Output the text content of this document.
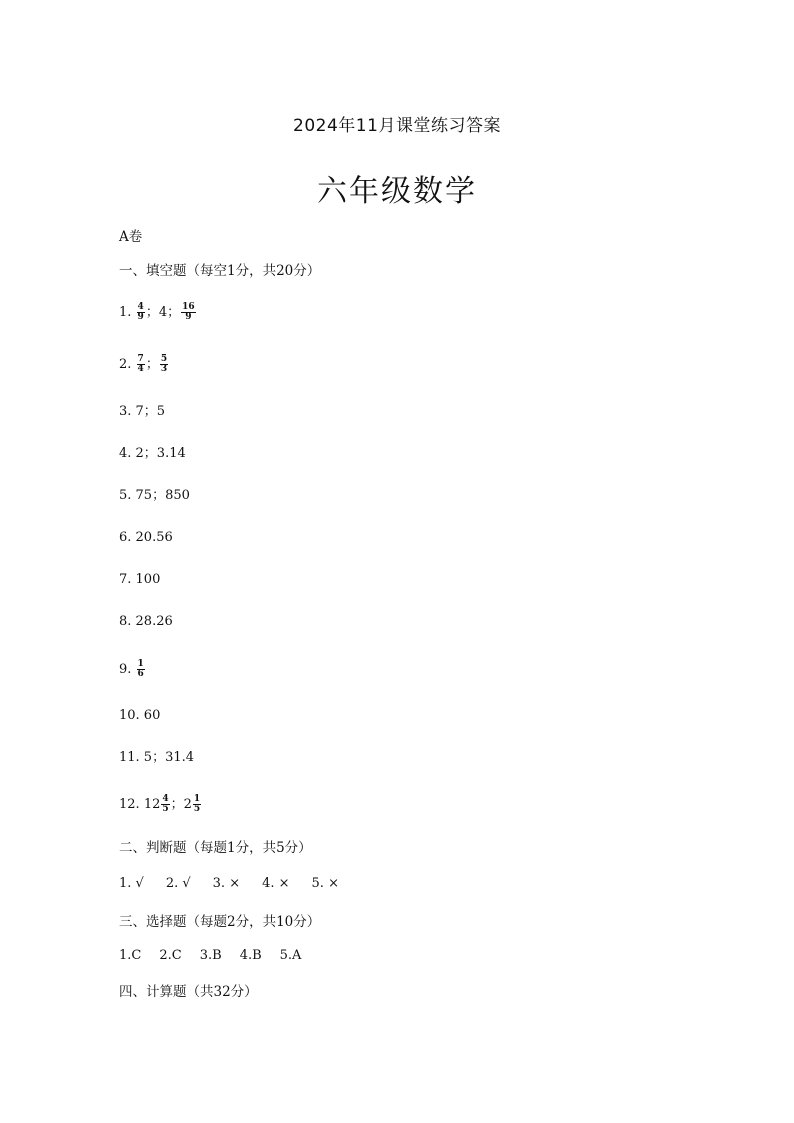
2024年11月课堂练习答案
六年级数学
A卷
一、填空题（每空1分，共20分）
1. $\frac{4}{9}$ ；4； $\frac{16}{9}$
2. $\frac{7}{4}$ ； $\frac{5}{3}$
3. 7；5
4. 2；3.14
5. 75；850
6. 20.56
7. 100
8. 28.26
9. $\frac{1}{6}$
10. 60
11. 5；31.4
12. $12 \frac{4}{5}$ ；$2 \frac{1}{5}$
二、判断题（每题1分，共5分）
1. √ 2. √ 3. × 4. × 5. ×
三、选择题（每题2分，共10分）
1.C 2.C 3.B 4.B 5.A
四、计算题（共32分）
